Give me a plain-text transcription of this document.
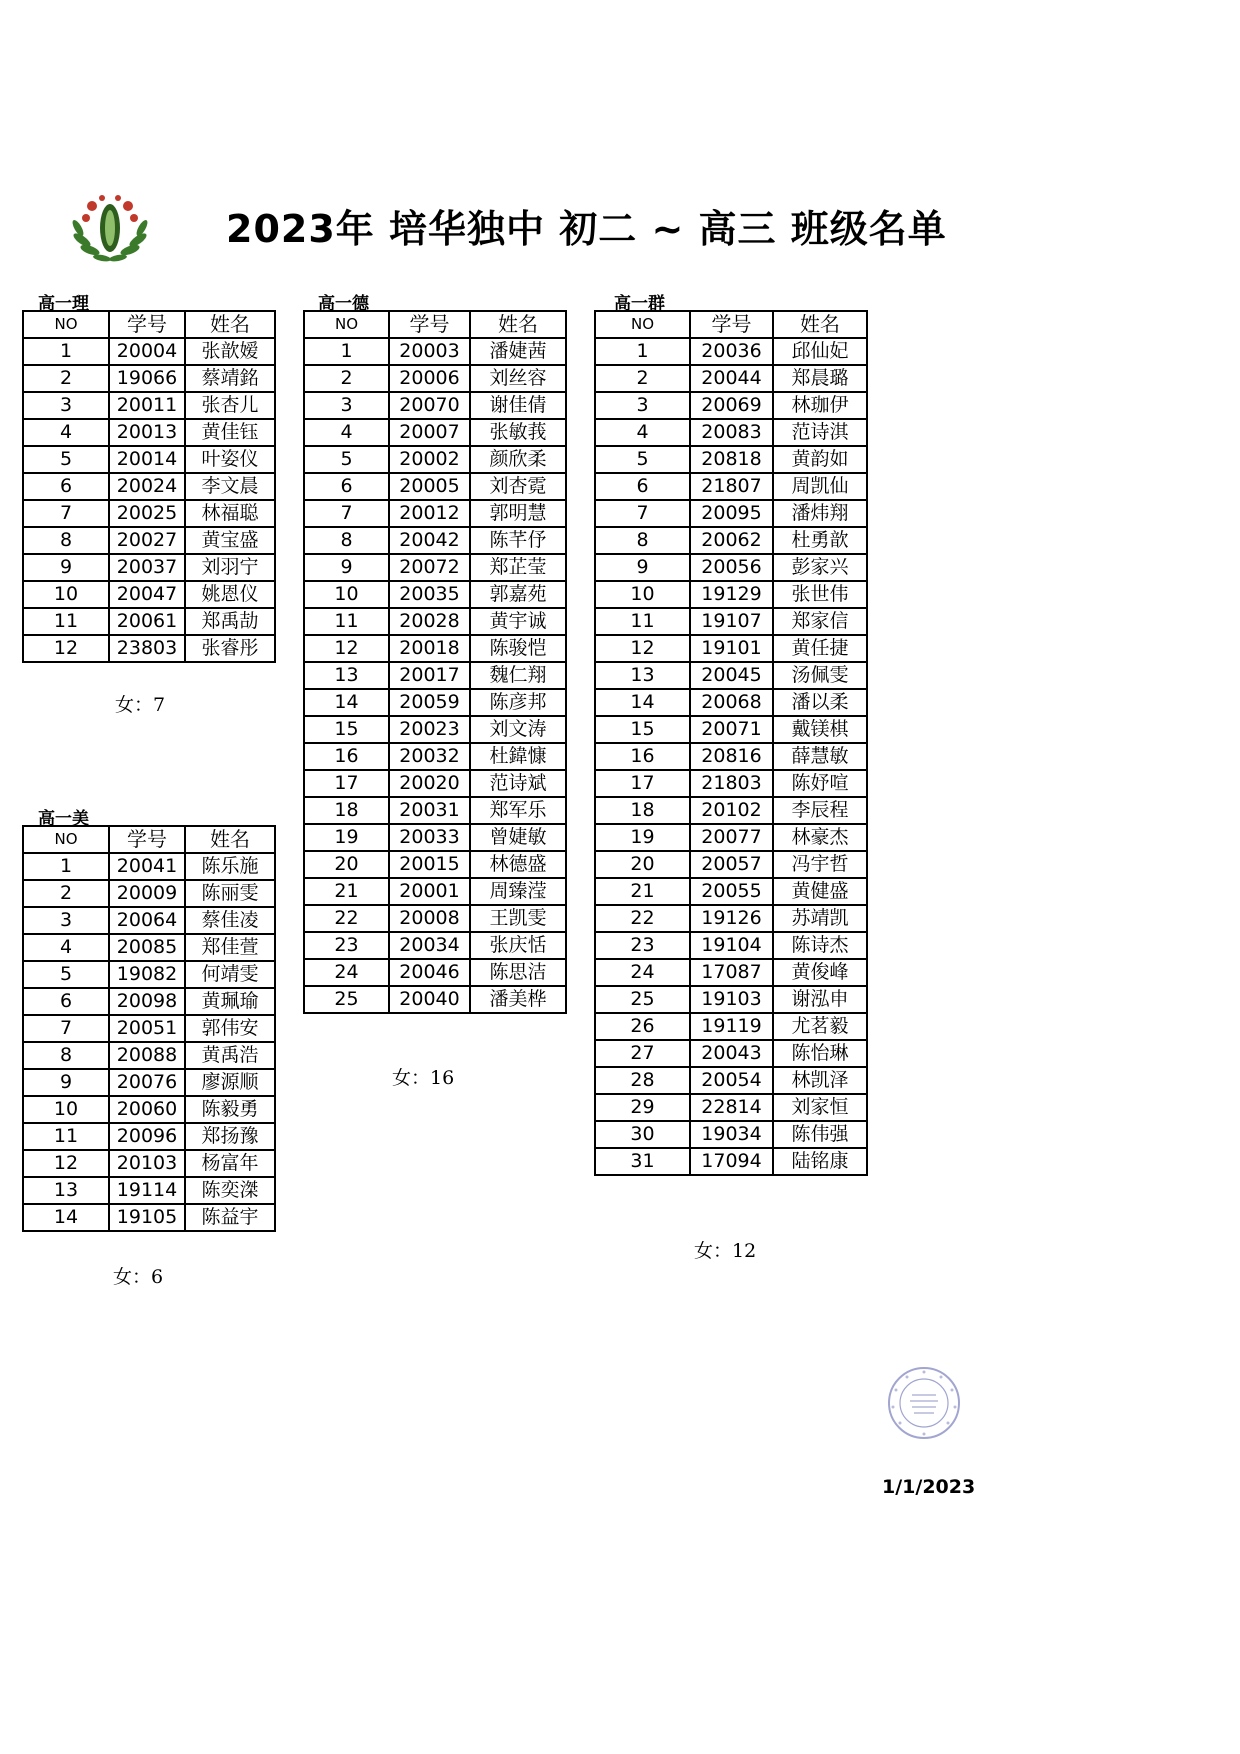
2023年 培华独中 初二 ~ 高三 班级名单
高一理
NO	学号	姓名
1	20004	张歆嫒
2	19066	蔡靖銘
3	20011	张杏儿
4	20013	黄佳钰
5	20014	叶姿仪
6	20024	李文晨
7	20025	林福聪
8	20027	黄宝盛
9	20037	刘羽宁
10	20047	姚恩仪
11	20061	郑禹劼
12	23803	张睿彤
女：7
高一美
NO	学号	姓名
1	20041	陈乐施
2	20009	陈丽雯
3	20064	蔡佳凌
4	20085	郑佳萱
5	19082	何靖雯
6	20098	黄珮瑜
7	20051	郭伟安
8	20088	黄禹浩
9	20076	廖源顺
10	20060	陈毅勇
11	20096	郑扬豫
12	20103	杨富年
13	19114	陈奕滐
14	19105	陈益宇
女：6
高一德
NO	学号	姓名
1	20003	潘婕茜
2	20006	刘丝容
3	20070	谢佳倩
4	20007	张敏莪
5	20002	颜欣柔
6	20005	刘杏霓
7	20012	郭明慧
8	20042	陈芊伃
9	20072	郑芷莹
10	20035	郭嘉苑
11	20028	黄宇诚
12	20018	陈骏恺
13	20017	魏仁翔
14	20059	陈彦邦
15	20023	刘文涛
16	20032	杜鍏慷
17	20020	范诗斌
18	20031	郑军乐
19	20033	曾婕敏
20	20015	林德盛
21	20001	周臻滢
22	20008	王凯雯
23	20034	张庆恬
24	20046	陈思洁
25	20040	潘美桦
女：16
高一群
NO	学号	姓名
1	20036	邱仙妃
2	20044	郑晨璐
3	20069	林珈伊
4	20083	范诗淇
5	20818	黄韵如
6	21807	周凯仙
7	20095	潘炜翔
8	20062	杜勇歆
9	20056	彭家兴
10	19129	张世伟
11	19107	郑家信
12	19101	黄任捷
13	20045	汤佩雯
14	20068	潘以柔
15	20071	戴镁棋
16	20816	薛慧敏
17	21803	陈妤喧
18	20102	李辰程
19	20077	林豪杰
20	20057	冯宇哲
21	20055	黄健盛
22	19126	苏靖凯
23	19104	陈诗杰
24	17087	黄俊峰
25	19103	谢泓申
26	19119	尤茗毅
27	20043	陈怡琳
28	20054	林凯泽
29	22814	刘家恒
30	19034	陈伟强
31	17094	陆铭康
女：12
1/1/2023
